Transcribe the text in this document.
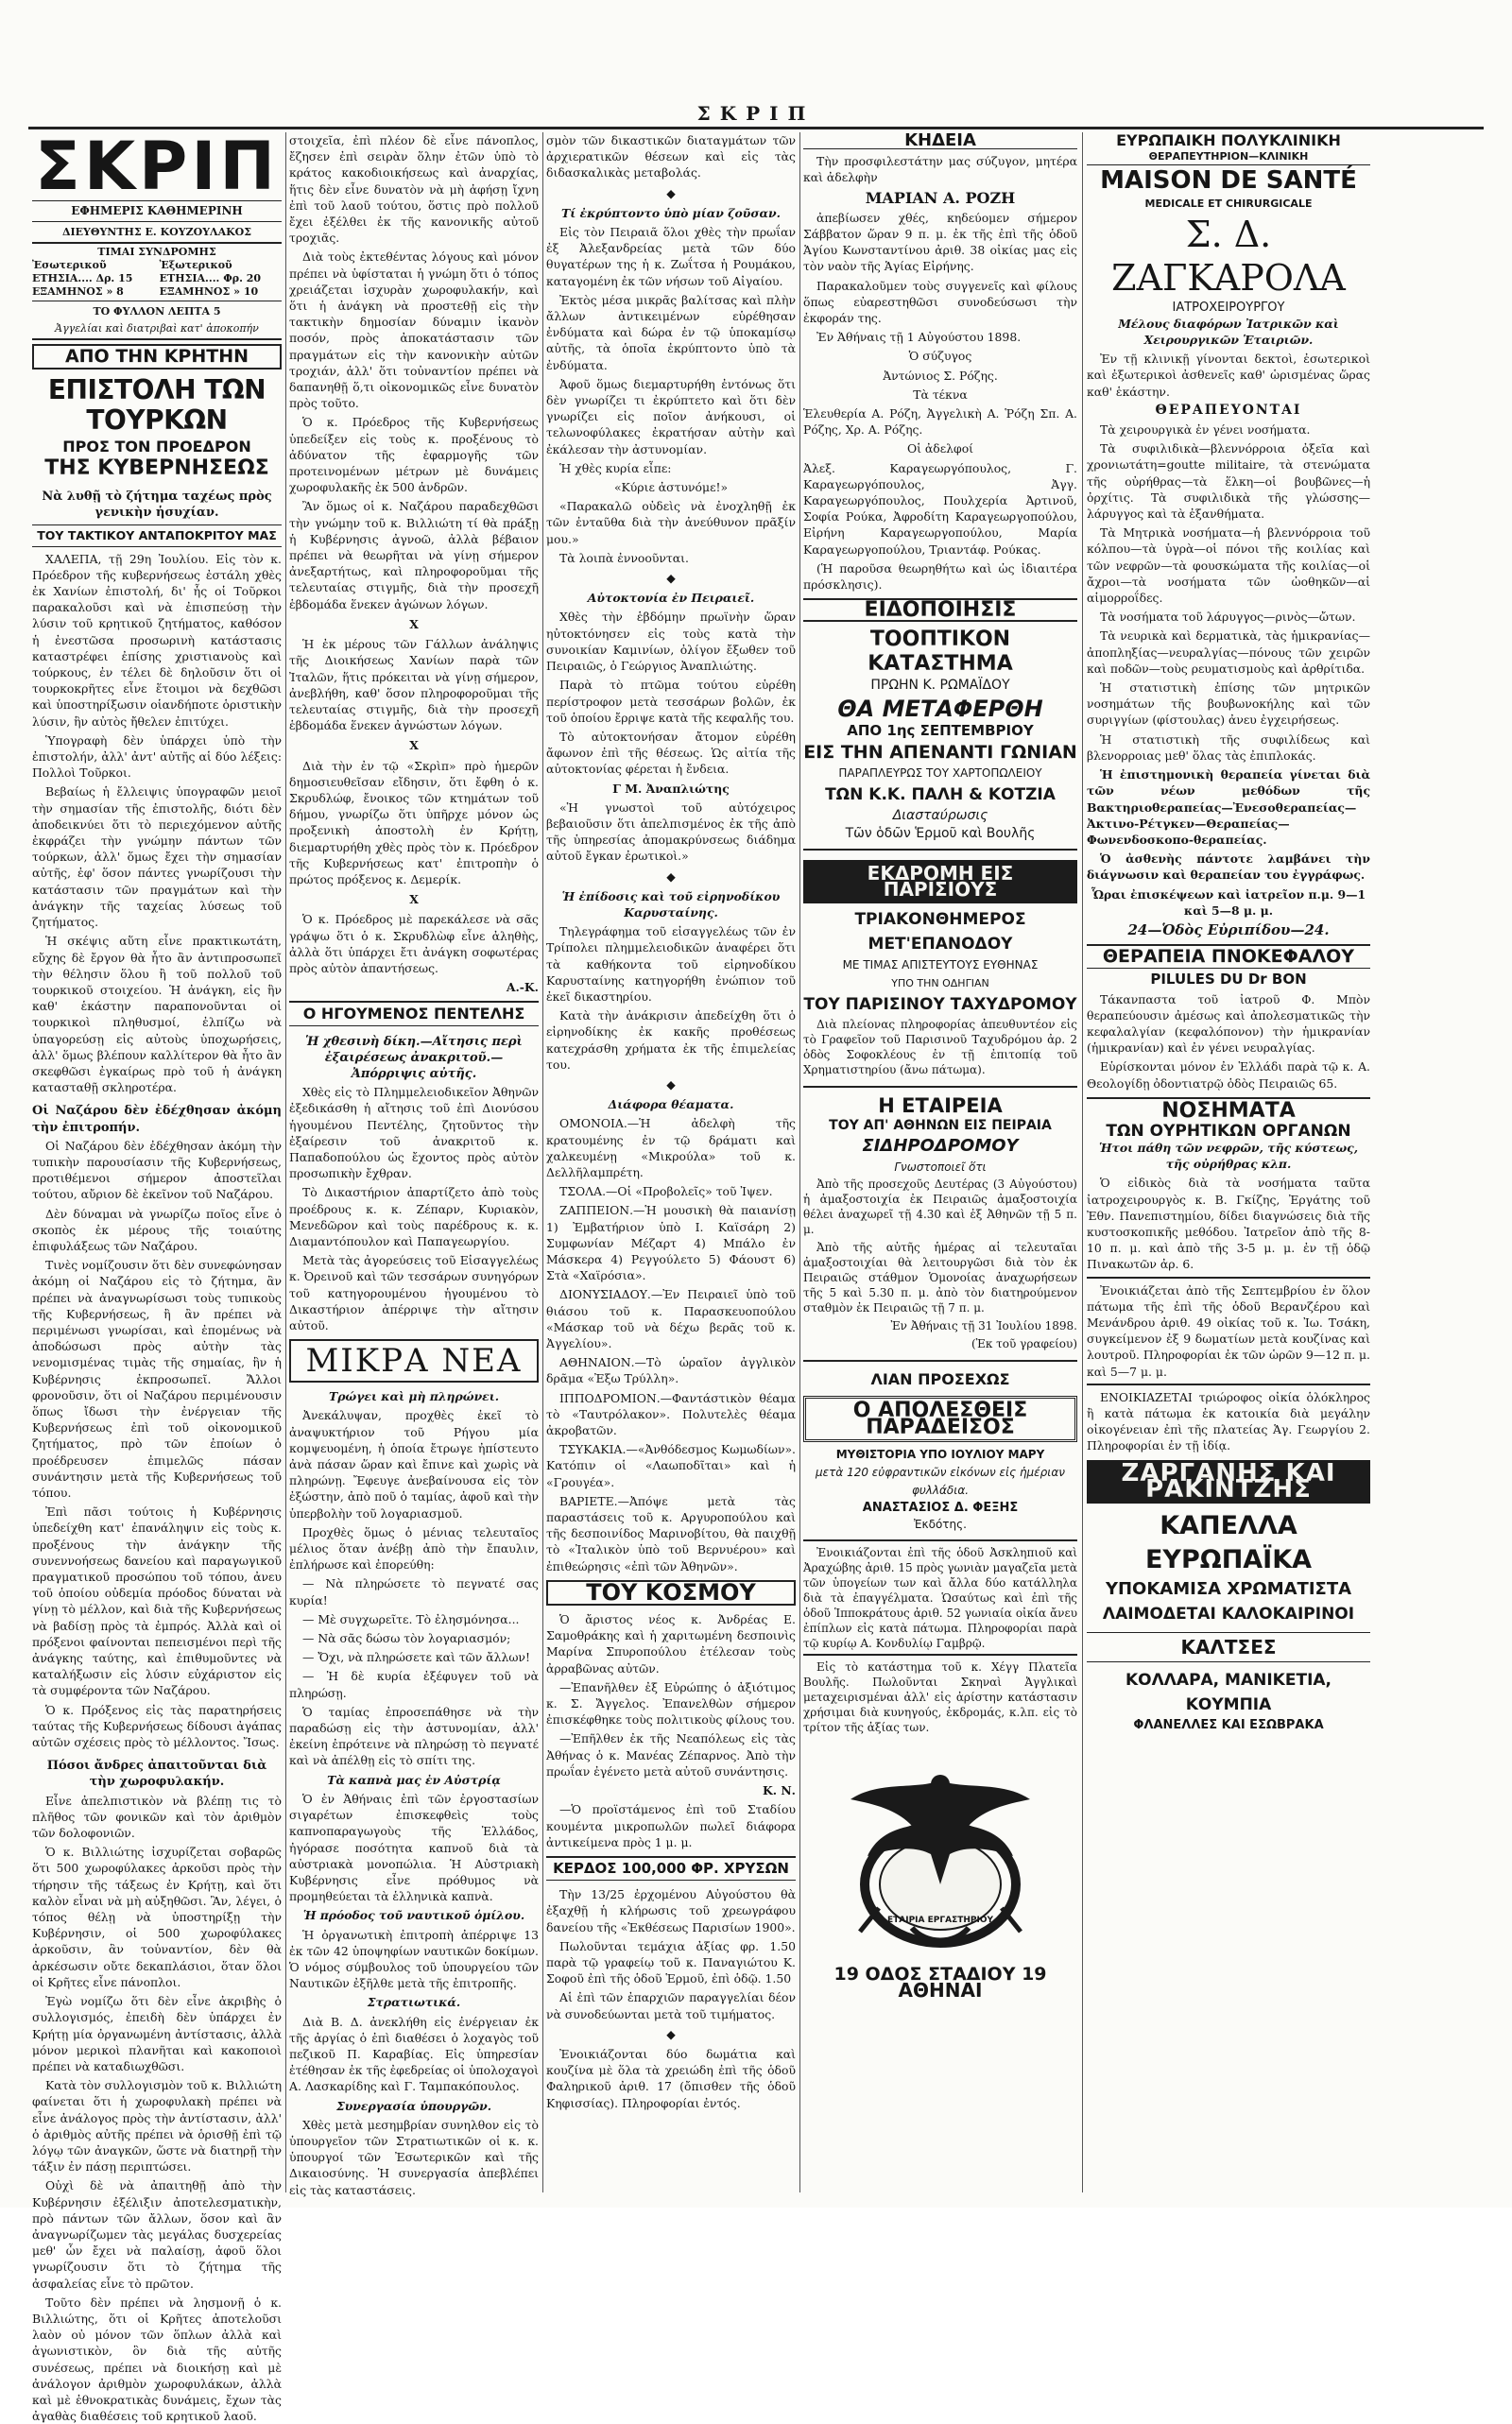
ΣΚΡΙΠ
ΣΚΡΙΠ
ΕΦΗΜΕΡΙΣ ΚΑΘΗΜΕΡΙΝΗ
ΔΙΕΥΘΥΝΤΗΣ Ε. ΚΟΥΖΟΥΛΑΚΟΣ
ΤΙΜΑΙ ΣΥΝΔΡΟΜΗΣ
Ἐσωτερικοῦ	Ἐξωτερικοῦ
ΕΤΗΣΙΑ.... Δρ. 15	ΕΤΗΣΙΑ.... Φρ. 20
ΕΞΑΜΗΝΟΣ » 8	ΕΞΑΜΗΝΟΣ » 10
ΤΟ ΦΥΛΛΟΝ ΛΕΠΤΑ 5
Ἀγγελίαι καὶ διατριβαὶ κατ' ἀποκοπήν
ΑΠΟ ΤΗΝ ΚΡΗΤΗΝ
ΕΠΙΣΤΟΛΗ ΤΩΝ ΤΟΥΡΚΩΝ
ΠΡΟΣ ΤΟΝ ΠΡΟΕΔΡΟΝ
ΤΗΣ ΚΥΒΕΡΝΗΣΕΩΣ

Νὰ λυθῇ τὸ ζήτημα ταχέως πρὸς γενικὴν ἡσυχίαν.

ΤΟΥ ΤΑΚΤΙΚΟΥ ΑΝΤΑΠΟΚΡΙΤΟΥ ΜΑΣ

ΧΑΛΕΠΑ, τῇ 29η Ἰουλίου. Εἰς τὸν κ. Πρόεδρον τῆς κυβερνήσεως ἐστάλη χθὲς ἐκ Χανίων ἐπιστολή, δι' ἧς οἱ Τοῦρκοι παρακαλοῦσι καὶ νὰ ἐπισπεύσῃ τὴν λύσιν τοῦ κρητικοῦ ζητήματος, καθόσον ἡ ἐνεστῶσα προσωρινὴ κατάστασις καταστρέφει ἐπίσης χριστιανοὺς καὶ τούρκους, ἐν τέλει δὲ δηλοῦσιν ὅτι οἱ τουρκοκρῆτες εἶνε ἕτοιμοι νὰ δεχθῶσι καὶ ὑποστηρίξωσιν οἱανδήποτε ὁριστικὴν λύσιν, ἣν αὐτὸς ἤθελεν ἐπιτύχει.

Ὑπογραφὴ δὲν ὑπάρχει ὑπὸ τὴν ἐπιστολήν, ἀλλ' ἀντ' αὐτῆς αἱ δύο λέξεις: Πολλοὶ Τοῦρκοι.

Βεβαίως ἡ ἔλλειψις ὑπογραφῶν μειοῖ τὴν σημασίαν τῆς ἐπιστολῆς, διότι δὲν ἀποδεικνύει ὅτι τὸ περιεχόμενον αὐτῆς ἐκφράζει τὴν γνώμην πάντων τῶν τούρκων, ἀλλ' ὅμως ἔχει τὴν σημασίαν αὐτῆς, ἐφ' ὅσον πάντες γνωρίζουσι τὴν κατάστασιν τῶν πραγμάτων καὶ τὴν ἀνάγκην τῆς ταχείας λύσεως τοῦ ζητήματος.

Ἡ σκέψις αὕτη εἶνε πρακτικωτάτη, εὔχης δὲ ἔργον θὰ ἦτο ἂν ἀντιπροσωπεῖ τὴν θέλησιν ὅλου ἢ τοῦ πολλοῦ τοῦ τουρκικοῦ στοιχείου. Ἡ ἀνάγκη, εἰς ἣν καθ' ἑκάστην παραπονοῦνται οἱ τουρκικοὶ πληθυσμοί, ἐλπίζω νὰ ὑπαγορεύσῃ εἰς αὐτοὺς ὑποχωρήσεις, ἀλλ' ὅμως βλέπουν καλλίτερον θὰ ἦτο ἂν σκεφθῶσι ἐγκαίρως πρὸ τοῦ ἡ ἀνάγκη κατασταθῇ σκληροτέρα.

Οἱ Ναζάρου δὲν ἐδέχθησαν ἀκόμη τὴν ἐπιτροπήν.

Οἱ Ναζάρου δὲν ἐδέχθησαν ἀκόμη τὴν τυπικὴν παρουσίασιν τῆς Κυβερνήσεως, προτιθέμενοι σήμερον ἀποστεῖλαι τούτου, αὔριον δὲ ἐκεῖνον τοῦ Ναζάρου.

Δὲν δύναμαι νὰ γνωρίζω ποῖος εἶνε ὁ σκοπὸς ἐκ μέρους τῆς τοιαύτης ἐπιφυλάξεως τῶν Ναζάρου.

Τινὲς νομίζουσιν ὅτι δὲν συνεφώνησαν ἀκόμη οἱ Ναζάρου εἰς τὸ ζήτημα, ἂν πρέπει νὰ ἀναγνωρίσωσι τοὺς τυπικοὺς τῆς Κυβερνήσεως, ἢ ἂν πρέπει νὰ περιμένωσι γνωρίσαι, καὶ ἐπομένως νὰ ἀποδώσωσι πρὸς αὐτὴν τὰς νενομισμένας τιμὰς τῆς σημαίας, ἣν ἡ Κυβέρνησις ἐκπροσωπεῖ. Ἄλλοι φρονοῦσιν, ὅτι οἱ Ναζάρου περιμένουσιν ὅπως ἴδωσι τὴν ἐνέργειαν τῆς Κυβερνήσεως ἐπὶ τοῦ οἰκονομικοῦ ζητήματος, πρὸ τῶν ἐποίων ὁ προέδρευσεν ἐπιμελῶς πάσαν συνάντησιν μετὰ τῆς Κυβερνήσεως τοῦ τόπου.

Ἐπὶ πᾶσι τούτοις ἡ Κυβέρνησις ὑπεδείχθη κατ' ἐπανάληψιν εἰς τοὺς κ. προξένους τὴν ἀνάγκην τῆς συνεννοήσεως δανείου καὶ παραγωγικοῦ πραγματικοῦ προσώπου τοῦ τόπου, ἀνευ τοῦ ὁποίου οὐδεμία πρόοδος δύναται νὰ γίνῃ τὸ μέλλον, καὶ διὰ τῆς Κυβερνήσεως νὰ βαδίσῃ πρὸς τὰ ἐμπρός. Ἀλλὰ καὶ οἱ πρόξενοι φαίνονται πεπεισμένοι περὶ τῆς ἀνάγκης ταύτης, καὶ ἐπιθυμοῦντες νὰ καταλήξωσιν εἰς λύσιν εὐχάριστον εἰς τὰ συμφέροντα τῶν Ναζάρου.

Ὁ κ. Πρόξενος εἰς τὰς παρατηρήσεις ταύτας τῆς Κυβερνήσεως δίδουσι ἀγάπας αὐτῶν σχέσεις πρὸς τὸ μέλλοντος. Ἴσως.

Πόσοι ἄνδρες ἀπαιτοῦνται διὰ τὴν χωροφυλακήν.

Εἶνε ἀπελπιστικὸν νὰ βλέπῃ τις τὸ πλῆθος τῶν φονικῶν καὶ τὸν ἀριθμὸν τῶν δολοφονιῶν.

Ὁ κ. Βιλλιώτης ἰσχυρίζεται σοβαρῶς ὅτι 500 χωροφύλακες ἀρκοῦσι πρὸς τὴν τήρησιν τῆς τάξεως ἐν Κρήτῃ, καὶ ὅτι καλὸν εἶναι νὰ μὴ αὐξηθῶσι. Ἂν, λέγει, ὁ τόπος θέλῃ νὰ ὑποστηρίξῃ τὴν Κυβέρνησιν, οἱ 500 χωροφύλακες ἀρκοῦσιν, ἂν τοὐναντίον, δὲν θὰ ἀρκέσωσιν οὔτε δεκαπλάσιοι, ὅταν ὅλοι οἱ Κρῆτες εἶνε πάνοπλοι.

Ἐγὼ νομίζω ὅτι δὲν εἶνε ἀκριβὴς ὁ συλλογισμός, ἐπειδὴ δὲν ὑπάρχει ἐν Κρήτῃ μία ὀργανωμένη ἀντίστασις, ἀλλὰ μόνον μερικοὶ πλανῆται καὶ κακοποιοὶ πρέπει νὰ καταδιωχθῶσι.

Κατὰ τὸν συλλογισμὸν τοῦ κ. Βιλλιώτη φαίνεται ὅτι ἡ χωροφυλακὴ πρέπει νὰ εἶνε ἀνάλογος πρὸς τὴν ἀντίστασιν, ἀλλ' ὁ ἀριθμὸς αὐτῆς πρέπει νὰ ὁρισθῇ ἐπὶ τῷ λόγῳ τῶν ἀναγκῶν, ὥστε νὰ διατηρῇ τὴν τάξιν ἐν πάσῃ περιπτώσει.

Οὐχὶ δὲ νὰ ἀπαιτηθῇ ἀπὸ τὴν Κυβέρνησιν ἐξέλιξιν ἀποτελεσματικὴν, πρὸ πάντων τῶν ἄλλων, ὅσον καὶ ἂν ἀναγνωρίζωμεν τὰς μεγάλας δυσχερείας μεθ' ὧν ἔχει νὰ παλαίσῃ, ἀφοῦ ὅλοι γνωρίζουσιν ὅτι τὸ ζήτημα τῆς ἀσφαλείας εἶνε τὸ πρῶτον.

Τοῦτο δὲν πρέπει νὰ λησμονῇ ὁ κ. Βιλλιώτης, ὅτι οἱ Κρῆτες ἀποτελοῦσι λαὸν οὐ μόνον τῶν ὅπλων ἀλλὰ καὶ ἀγωνιστικὸν, ὃν διὰ τῆς αὐτῆς συνέσεως, πρέπει νὰ διοικήσῃ καὶ μὲ ἀνάλογον ἀριθμὸν χωροφυλάκων, ἀλλὰ καὶ μὲ ἐθνοκρατικὰς δυνάμεις, ἔχων τὰς ἀγαθὰς διαθέσεις τοῦ κρητικοῦ λαοῦ.

στοιχεῖα, ἐπὶ πλέον δὲ εἶνε πάνοπλος, ἔζησεν ἐπὶ σειρὰν ὅλην ἐτῶν ὑπὸ τὸ κράτος κακοδιοικήσεως καὶ ἀναρχίας, ἥτις δὲν εἶνε δυνατὸν νὰ μὴ ἀφήσῃ ἴχνη ἐπὶ τοῦ λαοῦ τούτου, ὅστις πρὸ πολλοῦ ἔχει ἐξέλθει ἐκ τῆς κανονικῆς αὐτοῦ τροχιᾶς.

Διὰ τοὺς ἐκτεθέντας λόγους καὶ μόνον πρέπει νὰ ὑφίσταται ἡ γνώμη ὅτι ὁ τόπος χρειάζεται ἰσχυρὰν χωροφυλακήν, καὶ ὅτι ἡ ἀνάγκη νὰ προστεθῇ εἰς τὴν τακτικὴν δημοσίαν δύναμιν ἱκανὸν ποσόν, πρὸς ἀποκατάστασιν τῶν πραγμάτων εἰς τὴν κανονικὴν αὐτῶν τροχιάν, ἀλλ' ὅτι τοὐναντίον πρέπει νὰ δαπανηθῇ ὅ,τι οἰκονομικῶς εἶνε δυνατὸν πρὸς τοῦτο.

Ὁ κ. Πρόεδρος τῆς Κυβερνήσεως ὑπεδείξεν εἰς τοὺς κ. προξένους τὸ ἀδύνατον τῆς ἐφαρμογῆς τῶν προτεινομένων μέτρων μὲ δυνάμεις χωροφυλακῆς ἐκ 500 ἀνδρῶν.

Ἂν ὅμως οἱ κ. Ναζάρου παραδεχθῶσι τὴν γνώμην τοῦ κ. Βιλλιώτη τί θὰ πράξῃ ἡ Κυβέρνησις ἀγνοῶ, ἀλλὰ βέβαιον πρέπει νὰ θεωρῆται νὰ γίνῃ σήμερον ἀνεξαρτήτως, καὶ πληροφοροῦμαι τῆς τελευταίας στιγμῆς, διὰ τὴν προσεχῆ ἑβδομάδα ἕνεκεν ἀγώνων λόγων.

Χ

Ἡ ἐκ μέρους τῶν Γάλλων ἀνάληψις τῆς Διοικήσεως Χανίων παρὰ τῶν Ἰταλῶν, ἥτις πρόκειται νὰ γίνῃ σήμερον, ἀνεβλήθη, καθ' ὅσον πληροφοροῦμαι τῆς τελευταίας στιγμῆς, διὰ τὴν προσεχῆ ἑβδομάδα ἕνεκεν ἀγνώστων λόγων.

Χ

Διὰ τὴν ἐν τῷ «Σκρὶπ» πρὸ ἡμερῶν δημοσιευθεῖσαν εἴδησιν, ὅτι ἔφθη ὁ κ. Σκρυδλώφ, ἔνοικος τῶν κτημάτων τοῦ δήμου, γνωρίζω ὅτι ὑπῆρχε μόνον ὡς προξενικὴ ἀποστολὴ ἐν Κρήτῃ, διεμαρτυρήθη χθὲς πρὸς τὸν κ. Πρόεδρον τῆς Κυβερνήσεως κατ' ἐπιτροπὴν ὁ πρώτος πρόξενος κ. Δεμερίκ.

Χ

Ὁ κ. Πρόεδρος μὲ παρεκάλεσε νὰ σᾶς γράψω ὅτι ὁ κ. Σκρυδλὼφ εἶνε ἀληθὴς, ἀλλὰ ὅτι ὑπάρχει ἔτι ἀνάγκη σοφωτέρας πρὸς αὐτὸν ἀπαντήσεως.

Α.-Κ.
Ο ΗΓΟΥΜΕΝΟΣ ΠΕΝΤΕΛΗΣ

Ἡ χθεσινὴ δίκη.—Αἴτησις περὶ ἐξαιρέσεως ἀνακριτοῦ.—Ἀπόρριψις αὐτῆς.

Χθὲς εἰς τὸ Πλημμελειοδικεῖον Ἀθηνῶν ἐξεδικάσθη ἡ αἴτησις τοῦ ἐπὶ Διονύσου ἡγουμένου Πεντέλης, ζητοῦντος τὴν ἐξαίρεσιν τοῦ ἀνακριτοῦ κ. Παπαδοπούλου ὡς ἔχοντος πρὸς αὐτὸν προσωπικὴν ἔχθραν.

Τὸ Δικαστήριον ἀπαρτίζετο ἀπὸ τοὺς προέδρους κ. κ. Ζέπαρν, Κυριακὸν, Μενεδῶρον καὶ τοὺς παρέδρους κ. κ. Διαμαντόπουλον καὶ Παπαγεωργίου.

Μετὰ τὰς ἀγορεύσεις τοῦ Εἰσαγγελέως κ. Ὀρεινοῦ καὶ τῶν τεσσάρων συνηγόρων τοῦ κατηγορουμένου ἡγουμένου τὸ Δικαστήριον ἀπέρριψε τὴν αἴτησιν αὐτοῦ.

ΜΙΚΡΑ ΝΕΑ

Τρώγει καὶ μὴ πληρώνει.

Ἀνεκάλυψαν, προχθὲς ἐκεῖ τὸ ἀναψυκτήριον τοῦ Ρήγου μία κομψευομένη, ἡ ὁποία ἔτρωγε ἠπίστευτο ἀνὰ πάσαν ὥραν καὶ ἔπινε καὶ χωρὶς νὰ πληρώνῃ. Ἔφευγε ἀνεβαίνουσα εἰς τὸν ἐξώστην, ἀπὸ ποῦ ὁ ταμίας, ἀφοῦ καὶ τὴν ὑπερβολὴν τοῦ λογαριασμοῦ.

Προχθὲς ὅμως ὁ μένιας τελευταῖος μέλιος ὅταν ἀνέβῃ ἀπὸ τὴν ἔπαυλιν, ἐπλήρωσε καὶ ἐπορεύθη:

— Νὰ πληρώσετε τὸ πεγνατέ σας κυρία!

— Μὲ συγχωρεῖτε. Τὸ ἐλησμόνησα...

— Νὰ σᾶς δώσω τὸν λογαριασμόν;

— Ὄχι, νὰ πληρώσετε καὶ τῶν ἄλλων!

— Ἡ δὲ κυρία ἐξέφυγεν τοῦ νὰ πληρώσῃ.

Ὁ ταμίας ἐπροσεπάθησε νὰ τὴν παραδώσῃ εἰς τὴν ἀστυνομίαν, ἀλλ' ἐκείνη ἐπρότεινε νὰ πληρώσῃ τὸ πεγνατέ καὶ νὰ ἀπέλθῃ εἰς τὸ σπίτι της.

Τὰ καπνὰ μας ἐν Αὐστρίᾳ

Ὁ ἐν Ἀθήναις ἐπὶ τῶν ἐργοστασίων σιγαρέτων ἐπισκεφθεὶς τοὺς καπνοπαραγωγοὺς τῆς Ἑλλάδος, ἠγόρασε ποσότητα καπνοῦ διὰ τὰ αὐστριακὰ μονοπώλια. Ἡ Αὐστριακὴ Κυβέρνησις εἶνε πρόθυμος νὰ προμηθεύεται τὰ ἑλληνικὰ καπνὰ.

Ἡ πρόοδος τοῦ ναυτικοῦ ὁμίλου.

Ἡ ὀργανωτικὴ ἐπιτροπὴ ἀπέρριψε 13 ἐκ τῶν 42 ὑποψηφίων ναυτικῶν δοκίμων. Ὁ νόμος σύμβουλος τοῦ ὑπουργείου τῶν Ναυτικῶν ἐξῆλθε μετὰ τῆς ἐπιτροπῆς.

Στρατιωτικά.

Διὰ Β. Δ. ἀνεκλήθη εἰς ἐνέργειαν ἐκ τῆς ἀργίας ὁ ἐπὶ διαθέσει ὁ λοχαγὸς τοῦ πεζικοῦ Π. Καραβίας. Εἰς ὑπηρεσίαν ἐτέθησαν ἐκ τῆς ἐφεδρείας οἱ ὑπολοχαγοὶ Α. Λασκαρίδης καὶ Γ. Ταμπακόπουλος.

Συνεργασία ὑπουργῶν.

Χθὲς μετὰ μεσημβρίαν συνηλθον εἰς τὸ ὑπουργεῖον τῶν Στρατιωτικῶν οἱ κ. κ. ὑπουργοί τῶν Ἐσωτερικῶν καὶ τῆς Δικαιοσύνης. Ἡ συνεργασία ἀπεβλέπει εἰς τὰς καταστάσεις.

σμὸν τῶν δικαστικῶν διαταγμάτων τῶν ἀρχιερατικῶν θέσεων καὶ εἰς τὰς διδασκαλικὰς μεταβολάς.

◆

Τί ἐκρύπτοντο ὑπὸ μίαν ζοῦσαν.

Εἰς τὸν Πειραιᾶ ὅλοι χθὲς τὴν πρωΐαν ἐξ Ἀλεξανδρείας μετὰ τῶν δύο θυγατέρων της ἡ κ. Ζωΐτσα ἡ Ρουμάκου, καταγομένη ἐκ τῶν νήσων τοῦ Αἰγαίου.

Ἐκτὸς μέσα μικρᾶς βαλίτσας καὶ πλὴν ἄλλων ἀντικειμένων εὑρέθησαν ἐνδύματα καὶ δώρα ἐν τῷ ὑποκαμίσῳ αὐτῆς, τὰ ὁποῖα ἐκρύπτοντο ὑπὸ τὰ ἐνδύματα.

Ἀφοῦ ὅμως διεμαρτυρήθη ἐντόνως ὅτι δὲν γνωρίζει τι ἐκρύπτετο καὶ ὅτι δὲν γνωρίζει εἰς ποῖον ἀνήκουσι, οἱ τελωνοφύλακες ἐκρατήσαν αὐτὴν καὶ ἐκάλεσαν τὴν ἀστυνομίαν.

Ἡ χθὲς κυρία εἶπε:

«Κύριε ἀστυνόμε!»

«Παρακαλῶ οὐδεὶς νὰ ἐνοχληθῇ ἐκ τῶν ἐνταῦθα διὰ τὴν ἀνεύθυνον πρᾶξίν μου.»

Τὰ λοιπὰ ἐννοοῦνται.

◆

Αὐτοκτονία ἐν Πειραιεῖ.

Χθὲς τὴν ἑβδόμην πρωϊνὴν ὥραν ηὐτοκτόνησεν εἰς τοὺς κατὰ τὴν συνοικίαν Καμινίων, ὀλίγον ἔξωθεν τοῦ Πειραιῶς, ὁ Γεώργιος Ἀναπλιώτης.

Παρὰ τὸ πτῶμα τούτου εὑρέθη περίστροφον μετὰ τεσσάρων βολῶν, ἐκ τοῦ ὁποίου ἔρριψε κατὰ τῆς κεφαλῆς του.

Τὸ αὐτοκτονήσαν ἄτομον εὑρέθη ἄφωνον ἐπὶ τῆς θέσεως. Ὡς αἰτία τῆς αὐτοκτονίας φέρεται ἡ ἔνδεια.

Γ Μ. Ἀναπλιώτης

«Ἡ γνωστοὶ τοῦ αὐτόχειρος βεβαιοῦσιν ὅτι ἀπελπισμένος ἐκ τῆς ἀπὸ τῆς ὑπηρεσίας ἀπομακρύνσεως διάδημα αὐτοῦ ἔγκαν ἐρωτικοὶ.»

◆

Ἡ ἐπίδοσις καὶ τοῦ εἰρηνοδίκου Καρυσταίνης.

Τηλεγράφημα τοῦ εἰσαγγελέως τῶν ἐν Τρίπολει πλημμελειοδικῶν ἀναφέρει ὅτι τὰ καθήκοντα τοῦ εἰρηνοδίκου Καρυσταίνης κατηγορήθη ἐνώπιον τοῦ ἐκεῖ δικαστηρίου.

Κατὰ τὴν ἀνάκρισιν ἀπεδείχθη ὅτι ὁ εἰρηνοδίκης ἐκ κακῆς προθέσεως κατεχράσθη χρήματα ἐκ τῆς ἐπιμελείας του.

◆

Διάφορα θέαματα.

ΟΜΟΝΟΙΑ.—Ἡ ἀδελφὴ τῆς κρατουμένης ἐν τῷ δράματι καὶ χαλκευμένῃ «Μικρούλα» τοῦ κ. Δελλῆλαμπρέτη.

ΤΣΟΛΑ.—Οἱ «Προβολεῖς» τοῦ Ἰψεν.

ΖΑΠΠΕΙΟΝ.—Ἡ μουσικὴ θὰ παιανίσῃ 1) Ἐμβατήριον ὑπὸ Ι. Καϊσάρη 2) Συμφωνίαν Μέζαρτ 4) Μπάλο ἐν Μάσκερα 4) Ρεγγούλετο 5) Φάουστ 6) Στὰ «Χαϊρόσια».

ΔΙΟΝΥΣΙΑΔΟΥ.—Ἐν Πειραιεῖ ὑπὸ τοῦ θιάσου τοῦ κ. Παρασκευοπούλου «Μάσκαρ τοῦ νὰ δέχω βερᾶς τοῦ κ. Ἀγγελίου».

ΑΘΗΝΑΙΟΝ.—Τὸ ὡραῖον ἀγγλικὸν δρᾶμα «Ἐξω Τρύλλη».

ΙΠΠΟΔΡΟΜΙΟΝ.—Φαντάστικὸν θέαμα τὸ «Ταυτρόλακον». Πολυτελὲς θέαμα ἀκροβατῶν.

ΤΣΥΚΑΚΙΑ.—«Ἀνθόδεσμος Κωμωδίων». Κατόπιν οἱ «Λαωποδῖται» καὶ ἡ «Γρουγέα».

ΒΑΡΙΕΤΕ.—Ἀπόψε μετὰ τὰς παραστάσεις τοῦ κ. Αργυροπούλου καὶ τῆς δεσποινίδος Μαρινοβίτου, θὰ παιχθῇ τὸ «Ἰταλικὸν ὑπὸ τοῦ Βερνυέρου» καὶ ἐπιθεώρησις «ἐπὶ τῶν Ἀθηνῶν».

ΤΟΥ ΚΟΣΜΟΥ

Ὁ ἄριστος νέος κ. Ἀνδρέας Ε. Σαμοθράκης καὶ ἡ χαριτωμένη δεσποινὶς Μαρίνα Σπυροπούλου ἐτέλεσαν τοὺς ἀρραβῶνας αὐτῶν.

—Ἐπανῆλθεν ἐξ Εὐρώπης ὁ ἀξιότιμος κ. Σ. Ἄγγελος. Ἐπανελθὼν σήμερον ἐπισκέφθηκε τοὺς πολιτικοὺς φίλους του.

—Ἐπῆλθεν ἐκ τῆς Νεαπόλεως εἰς τὰς Ἀθήνας ὁ κ. Μανέας Ζέπαρνος. Ἀπὸ τὴν πρωΐαν ἐγένετο μετὰ αὐτοῦ συνάντησις.

Κ. Ν.

—Ὁ προϊστάμενος ἐπὶ τοῦ Σταδίου κουμέντα μικροπωλῶν πωλεῖ διάφορα ἀντικείμενα πρὸς 1 μ. μ.

ΚΕΡΔΟΣ 100,000 ΦΡ. ΧΡΥΣΩΝ

Τὴν 13/25 ἐρχομένου Αὐγούστου θὰ ἐξαχθῇ ἡ κλήρωσις τοῦ χρεωγράφου δανείου τῆς «Ἐκθέσεως Παρισίων 1900».

Πωλοῦνται τεμάχια ἀξίας φρ. 1.50 παρὰ τῷ γραφείῳ τοῦ κ. Παναγιώτου Κ. Σοφοῦ ἐπὶ τῆς ὁδοῦ Ἑρμοῦ, ἐπὶ ὁδῷ. 1.50

Αἱ ἐπὶ τῶν ἐπαρχιῶν παραγγελίαι δέον νὰ συνοδεύωνται μετὰ τοῦ τιμήματος.

◆

Ἐνοικιάζονται δύο δωμάτια καὶ κουζίνα μὲ ὅλα τὰ χρειώδη ἐπὶ τῆς ὁδοῦ Φαληρικοῦ ἀριθ. 17 (ὄπισθεν τῆς ὁδοῦ Κηφισσίας). Πληροφορίαι ἐντός.

ΚΗΔΕΙΑ

Τὴν προσφιλεστάτην μας σύζυγον, μητέρα καὶ ἀδελφὴν

ΜΑΡΙΑΝ Α. ΡΟΖΗ

ἀπεβίωσεν χθές, κηδεύομεν σήμερον Σάββατον ὥραν 9 π. μ. ἐκ τῆς ἐπὶ τῆς ὁδοῦ Ἁγίου Κωνσταντίνου ἀριθ. 38 οἰκίας μας εἰς τὸν ναὸν τῆς Ἁγίας Εἰρήνης.

Παρακαλοῦμεν τοὺς συγγενεῖς καὶ φίλους ὅπως εὐαρεστηθῶσι συνοδεύσωσι τὴν ἐκφοράν της.

Ἐν Ἀθήναις τῇ 1 Αὐγούστου 1898.

Ὁ σύζυγος

Ἀντώνιος Σ. Ρόζης.

Τὰ τέκνα

Ἑλευθερία Α. Ρόζη, Ἀγγελικὴ Α. Ῥόζη Σπ. Α. Ρόζης, Χρ. Α. Ρόζης.

Οἱ ἀδελφοί

Ἀλεξ. Καραγεωργόπουλος, Γ. Καραγεωργόπουλος, Ἀγγ. Καραγεωργόπουλος, Πουλχερία Ἀρτινοῦ, Σοφία Ρούκα, Ἀφροδίτη Καραγεωργοπούλου, Εἰρήνη Καραγεωργοπούλου, Μαρία Καραγεωργοπούλου, Τριαντάφ. Ρούκας.

(Ἡ παροῦσα θεωρηθήτω καὶ ὡς ἰδιαιτέρα πρόσκλησις).

ΕΙΔΟΠΟΙΗΣΙΣ
ΤΟΟΠΤΙΚΟΝ ΚΑΤΑΣΤΗΜΑ
ΠΡΩΗΝ Κ. ΡΩΜΑΪΔΟΥ
ΘΑ ΜΕΤΑΦΕΡΘΗ
ΑΠΟ 1ης ΣΕΠΤΕΜΒΡΙΟΥ
ΕΙΣ ΤΗΝ ΑΠΕΝΑΝΤΙ ΓΩΝΙΑΝ
ΠΑΡΑΠΛΕΥΡΩΣ ΤΟΥ ΧΑΡΤΟΠΩΛΕΙΟΥ
ΤΩΝ Κ.Κ. ΠΑΛΗ & ΚΟΤΖΙΑ
Διασταύρωσις
Τῶν ὁδῶν Ἑρμοῦ καὶ Βουλῆς
ΕΚΔΡΟΜΗ ΕΙΣ ΠΑΡΙΣΙΟΥΣ
ΤΡΙΑΚΟΝΘΗΜΕΡΟΣ ΜΕΤ'ΕΠΑΝΟΔΟΥ
ΜΕ ΤΙΜΑΣ ΑΠΙΣΤΕΥΤΟΥΣ ΕΥΘΗΝΑΣ
ΥΠΟ ΤΗΝ ΟΔΗΓΙΑΝ
ΤΟΥ ΠΑΡΙΣΙΝΟΥ ΤΑΧΥΔΡΟΜΟΥ

Διὰ πλείονας πληροφορίας ἀπευθυντέον εἰς τὸ Γραφεῖον τοῦ Παρισινοῦ Ταχυδρόμου ἀρ. 2 ὁδὸς Σοφοκλέους ἐν τῇ ἐπιτοπίᾳ τοῦ Χρηματιστηρίου (ἄνω πάτωμα).

Η ΕΤΑΙΡΕΙΑ
ΤΟΥ ΑΠ' ΑΘΗΝΩΝ ΕΙΣ ΠΕΙΡΑΙΑ
ΣΙΔΗΡΟΔΡΟΜΟΥ
Γνωστοποιεῖ ὅτι

Ἀπὸ τῆς προσεχοῦς Δευτέρας (3 Αὐγούστου) ἡ ἀμαξοστοιχία ἐκ Πειραιῶς ἀμαξοστοιχία θέλει ἀναχωρεῖ τῇ 4.30 καὶ ἐξ Ἀθηνῶν τῇ 5 π. μ.

Ἀπὸ τῆς αὐτῆς ἡμέρας αἱ τελευταῖαι ἀμαξοστοιχίαι θὰ λειτουργῶσι διὰ τὸν ἐκ Πειραιῶς στάθμον Ὁμονοίας ἀναχωρήσεων τῆς 5 καὶ 5.30 π. μ. ἀπὸ τὸν διατηρούμενον σταθμὸν ἐκ Πειραιῶς τῇ 7 π. μ.

Ἐν Ἀθήναις τῇ 31 Ἰουλίου 1898.

(Ἐκ τοῦ γραφείου)

ΛΙΑΝ ΠΡΟΣΕΧΩΣ
Ο ΑΠΟΛΕΣΘΕΙΣ ΠΑΡΑΔΕΙΣΟΣ
ΜΥΘΙΣΤΟΡΙΑ ΥΠΟ ΙΟΥΛΙΟΥ ΜΑΡΥ
μετὰ 120 εὐφραντικῶν εἰκόνων εἰς ἡμέριαν φυλλάδια.
ΑΝΑΣΤΑΣΙΟΣ Δ. ΦΕΞΗΣ
Ἐκδότης.

Ἐνοικιάζονται ἐπὶ τῆς ὁδοῦ Ἀσκληπιοῦ καὶ Ἀραχώβης ἀριθ. 15 πρὸς γωνιὰν μαγαζεῖα μετὰ τῶν ὑπογείων των καὶ ἄλλα δύο κατάλληλα διὰ τὰ ἐπαγγέλματα. Ὡσαύτως καὶ ἐπὶ τῆς ὁδοῦ Ἱπποκράτους ἀριθ. 52 γωνιαία οἰκία ἄνευ ἐπίπλων εἰς κατὰ πάτωμα. Πληροφορίαι παρὰ τῷ κυρίῳ Α. Κονδυλίῳ Γαμβρῷ.

Εἰς τὸ κατάστημα τοῦ κ. Χέγγ Πλατεῖα Βουλῆς. Πωλοῦνται Σκηναὶ Ἀγγλικαὶ μεταχειρισμέναι ἀλλ' εἰς ἀρίστην κατάστασιν χρήσιμαι διὰ κυνηγούς, ἐκδρομάς, κ.λπ. εἰς τὸ τρίτον τῆς ἀξίας των.

ΕΤΑΙΡΙΑ ΕΡΓΑΣΤΗΡΙΟΥ
19 ΟΔΟΣ ΣΤΑΔΙΟΥ 19
ΑΘΗΝΑΙ
ΕΥΡΩΠΑΙΚΗ ΠΟΛΥΚΛΙΝΙΚΗ
ΘΕΡΑΠΕΥΤΗΡΙΟΝ—ΚΛΙΝΙΚΗ
MAISON DE SANTÉ
MEDICALE ET CHIRURGICALE
Σ. Δ. ΖΑΓΚΑΡΟΛΑ
ΙΑΤΡΟΧΕΙΡΟΥΡΓΟΥ

Μέλους διαφόρων Ἰατρικῶν καὶ Χειρουργικῶν Ἑταιριῶν.

Ἐν τῇ κλινικῇ γίνονται δεκτοὶ, ἐσωτερικοὶ καὶ ἐξωτερικοὶ ἀσθενεῖς καθ' ὡρισμένας ὥρας καθ' ἑκάστην.

ΘΕΡΑΠΕΥΟΝΤΑΙ

Τὰ χειρουργικὰ ἐν γένει νοσήματα.

Τὰ συφιλιδικὰ—βλεννόρροια ὀξεῖα καὶ χρονιωτάτη=goutte militaire, τὰ στενώματα τῆς οὐρήθρας—τὰ ἕλκη—οἱ βουβῶνες—ἡ ὀρχίτις. Τὰ συφιλιδικὰ τῆς γλώσσης—λάρυγγος καὶ τὰ ἐξανθήματα.

Τὰ Μητρικὰ νοσήματα—ἡ βλεννόρροια τοῦ κόλπου—τὰ ὑγρὰ—οἱ πόνοι τῆς κοιλίας καὶ τῶν νεφρῶν—τὰ φουσκώματα τῆς κοιλίας—οἱ ἄχροι—τὰ νοσήματα τῶν ὠοθηκῶν—αἱ αἱμορροΐδες.

Τὰ νοσήματα τοῦ λάρυγγος—ρινὸς—ὤτων.

Τὰ νευρικὰ καὶ δερματικὰ, τὰς ἡμικρανίας—ἀποπληξίας—νευραλγίας—πόνους τῶν χειρῶν καὶ ποδῶν—τοὺς ρευματισμοὺς καὶ ἀρθρίτιδα.

Ἡ στατιστικὴ ἐπίσης τῶν μητρικῶν νοσημάτων τῆς βουβωνοκήλης καὶ τῶν συριγγίων (φίστουλας) ἀνευ ἐγχειρήσεως.

Ἡ στατιστικὴ τῆς συφιλίδεως καὶ βλενορροιας μεθ' ὅλας τὰς ἐπιπλοκάς.

Ἡ ἐπιστημονικὴ θεραπεία γίνεται διὰ τῶν νέων μεθόδων τῆς Βακτηριοθεραπείας—Ἐνεσοθεραπείας—Ἀκτινο-Ρέτγκεν—Θεραπείας—Φωνενδοσκοπο-θεραπείας.

Ὁ ἀσθενὴς πάντοτε λαμβάνει τὴν διάγνωσιν καὶ θεραπείαν του ἐγγράφως.

Ὧραι ἐπισκέψεων καὶ ἰατρεῖον π.μ. 9—1 καὶ 5—8 μ. μ.

24—Ὁδὸς Εὐριπίδου—24.
ΘΕΡΑΠΕΙΑ ΠΝΟΚΕΦΑΛΟΥ
PILULES DU Dr BON

Τάκανπαστα τοῦ ἰατροῦ Φ. Μπὸν θεραπεύουσιν ἀμέσως καὶ ἀπολεσματικῶς τὴν κεφαλαλγίαν (κεφαλόπονον) τὴν ἡμικρανίαν (ἡμικρανίαν) καὶ ἐν γένει νευραλγίας.

Εὑρίσκονται μόνον ἐν Ἑλλάδι παρὰ τῷ κ. Α. Θεολογίδῃ ὀδοντιατρῷ ὁδὸς Πειραιῶς 65.

ΝΟΣΗΜΑΤΑ
ΤΩΝ ΟΥΡΗΤΙΚΩΝ ΟΡΓΑΝΩΝ

Ἡτοι πάθη τῶν νεφρῶν, τῆς κύστεως, τῆς οὐρήθρας κλπ.

Ὁ εἰδικὸς διὰ τὰ νοσήματα ταῦτα ἰατροχειρουργὸς κ. Β. Γκίζης, Ἐργάτης τοῦ Ἐθν. Πανεπιστημίου, δίδει διαγνώσεις διὰ τῆς κυστοσκοπικῆς μεθόδου. Ἰατρεῖον ἀπὸ τῆς 8-10 π. μ. καὶ ἀπὸ τῆς 3-5 μ. μ. ἐν τῇ ὁδῷ Πινακωτῶν ἀρ. 6.

Ἐνοικιάζεται ἀπὸ τῆς Σεπτεμβρίου ἐν ὅλον πάτωμα τῆς ἐπὶ τῆς ὁδοῦ Βερανζέρου καὶ Μενάνδρου ἀριθ. 49 οἰκίας τοῦ κ. Ἰω. Τσάκη, συγκείμενον ἐξ 9 δωματίων μετὰ κουζίνας καὶ λουτροῦ. Πληροφορίαι ἐκ τῶν ὡρῶν 9—12 π. μ. καὶ 5—7 μ. μ.

ΕΝΟΙΚΙΑΖΕΤΑΙ τριώροφος οἰκία ὁλόκληρος ἢ κατὰ πάτωμα ἐκ κατοικία διὰ μεγάλην οἰκογένειαν ἐπὶ τῆς πλατείας Ἁγ. Γεωργίου 2. Πληροφορίαι ἐν τῇ ἰδίᾳ.

ΖΑΡΓΑΝΗΣ ΚΑΙ ΡΑΚΙΝΤΖΗΣ
ΚΑΠΕΛΛΑ ΕΥΡΩΠΑΪΚΑ
ΥΠΟΚΑΜΙΣΑ ΧΡΩΜΑΤΙΣΤΑ
ΛΑΙΜΟΔΕΤΑΙ ΚΑΛΟΚΑΙΡΙΝΟΙ
ΚΑΛΤΣΕΣ
ΚΟΛΛΑΡΑ, ΜΑΝΙΚΕΤΙΑ, ΚΟΥΜΠΙΑ
ΦΛΑΝΕΛΛΕΣ ΚΑΙ ΕΣΩΒΡΑΚΑ
